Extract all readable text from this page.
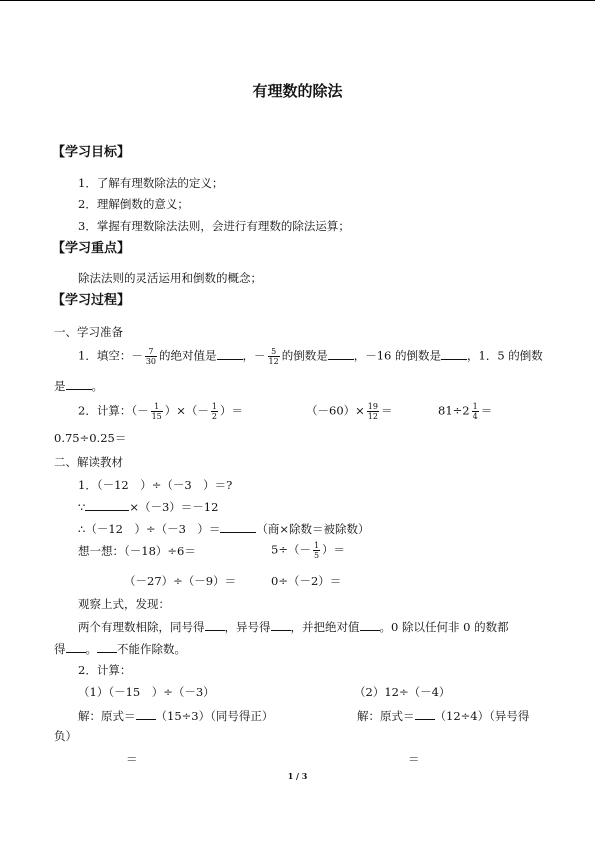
有理数的除法
【学习目标】
1．了解有理数除法的定义；
2．理解倒数的意义；
3．掌握有理数除法法则，会进行有理数的除法运算；
【学习重点】
除法法则的灵活运用和倒数的概念；
【学习过程】
一、学习准备
1．填空：－ $\frac{7}{30}$ 的绝对值是 ，－ $\frac{5}{12}$ 的倒数是 ，－16 的倒数是 ，1．5 的倒数
是 。
2．计算：（－ $\frac{1}{15}$ ）×（－ $\frac{1}{2}$ ）＝	$(-60)\times \frac{19}{12}$ ＝	$81\div 2 \frac{1}{4}$ ＝
0.75÷0.25＝
二、解读教材
1．（－12　）÷（－3　）＝?
∵	×（－3）＝－12
∴（－12　）÷（－3　）＝	（商×除数＝被除数）
想一想：（－18）÷6＝	$5\div(- \frac{1}{5}$ ）＝
（－27）÷（－9）＝	0÷（－2）＝
观察上式，发现：
两个有理数相除，同号得 ，异号得 ，并把绝对值 。0 除以任何非 0 的数都
得 。 不能作除数。
2．计算：
（1）（－15　）÷（－3）	（2）12÷（－4）
解：原式＝ （15÷3）（同号得正）	解：原式＝ （12÷4）（异号得
负）
＝	＝
1 / 3
